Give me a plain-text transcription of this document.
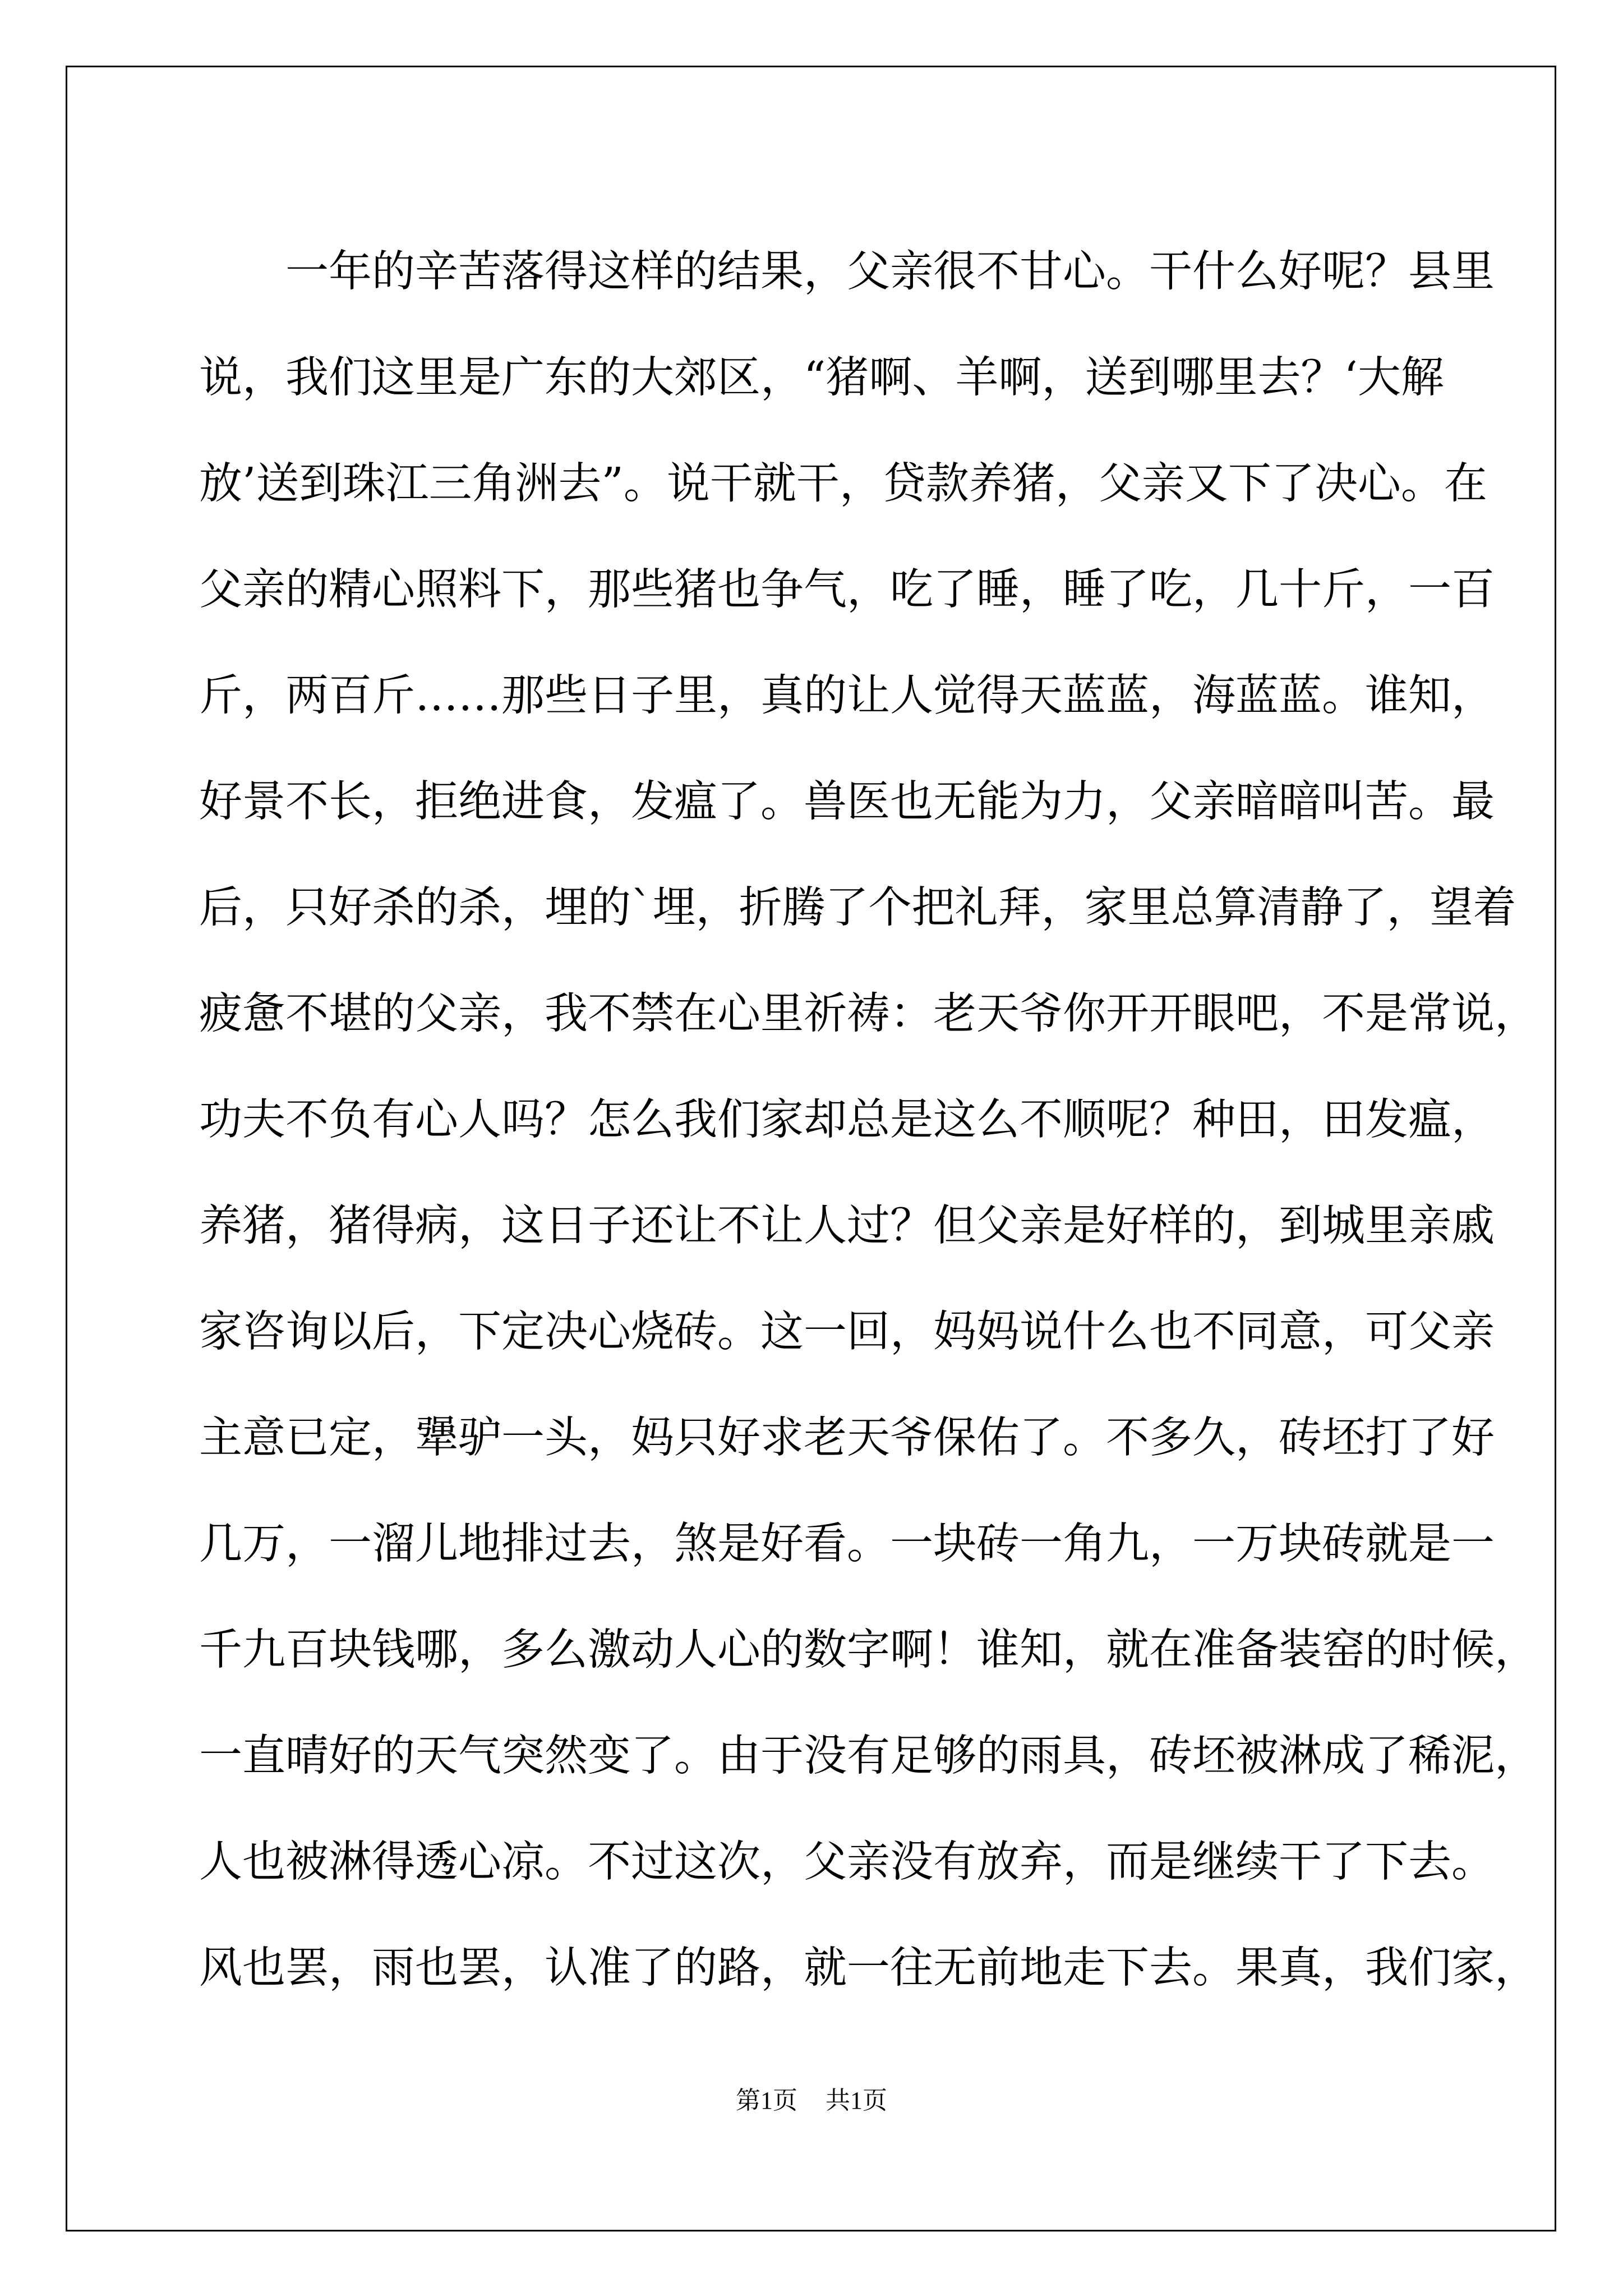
一年的辛苦落得这样的结果，父亲很不甘心。干什么好呢？县里
说，我们这里是广东的大郊区，“猪啊、羊啊，送到哪里去？‘大解
放’送到珠江三角洲去”。说干就干，贷款养猪，父亲又下了决心。在
父亲的精心照料下，那些猪也争气，吃了睡，睡了吃，几十斤，一百
斤，两百斤……那些日子里，真的让人觉得天蓝蓝，海蓝蓝。谁知，
好景不长，拒绝进食，发瘟了。兽医也无能为力，父亲暗暗叫苦。最
后，只好杀的杀，埋的`埋，折腾了个把礼拜，家里总算清静了，望着
疲惫不堪的父亲，我不禁在心里祈祷：老天爷你开开眼吧，不是常说，
功夫不负有心人吗？怎么我们家却总是这么不顺呢？种田，田发瘟，
养猪，猪得病，这日子还让不让人过？但父亲是好样的，到城里亲戚
家咨询以后，下定决心烧砖。这一回，妈妈说什么也不同意，可父亲
主意已定，犟驴一头，妈只好求老天爷保佑了。不多久，砖坯打了好
几万，一溜儿地排过去，煞是好看。一块砖一角九，一万块砖就是一
千九百块钱哪，多么激动人心的数字啊！谁知，就在准备装窑的时候，
一直晴好的天气突然变了。由于没有足够的雨具，砖坯被淋成了稀泥，
人也被淋得透心凉。不过这次，父亲没有放弃，而是继续干了下去。
风也罢，雨也罢，认准了的路，就一往无前地走下去。果真，我们家，
第1页 共1页
